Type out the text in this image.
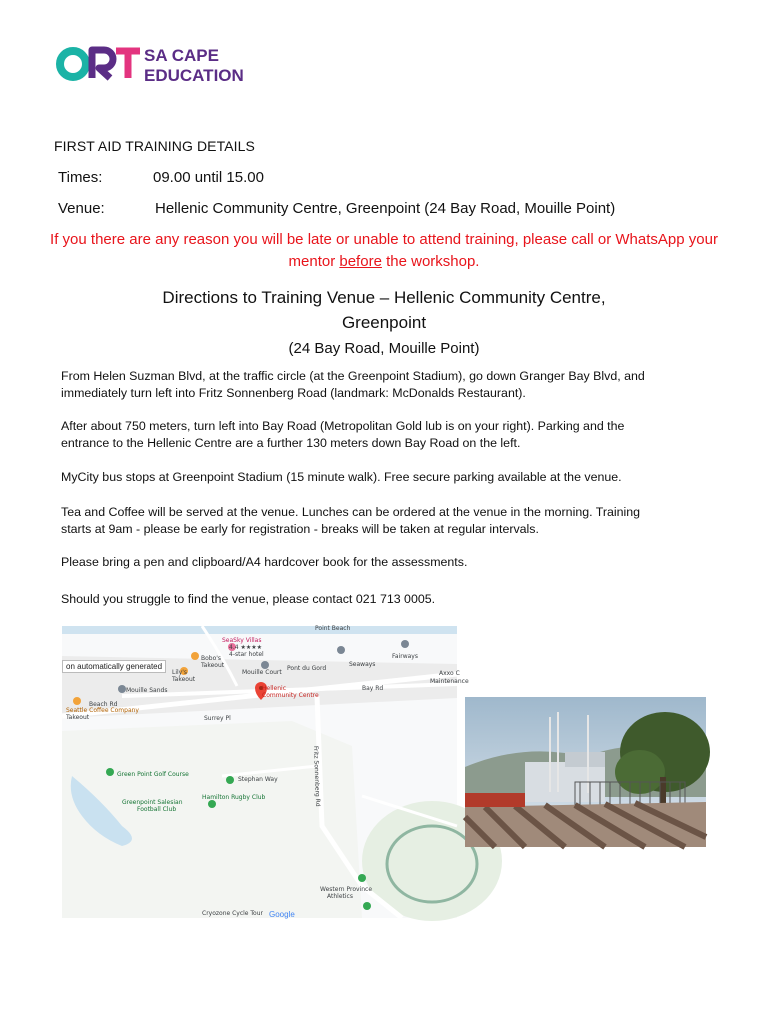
SA CAPE
EDUCATION
FIRST AID TRAINING DETAILS
Times:	09.00 until 15.00
Venue:	Hellenic Community Centre, Greenpoint (24 Bay Road, Mouille Point)
If you there are any reason you will be late or unable to attend training, please call or WhatsApp your mentor before the workshop.
Directions to Training Venue – Hellenic Community Centre,
Greenpoint
(24 Bay Road, Mouille Point)
From Helen Suzman Blvd, at the traffic circle (at the Greenpoint Stadium), go down Granger Bay Blvd, and
immediately turn left into Fritz Sonnenberg Road (landmark: McDonalds Restaurant).
After about 750 meters, turn left into Bay Road (Metropolitan Gold lub is on your right). Parking and the
entrance to the Hellenic Centre are a further 130 meters down Bay Road on the left.
MyCity bus stops at Greenpoint Stadium (15 minute walk). Free secure parking available at the venue.
Tea and Coffee will be served at the venue. Lunches can be ordered at the venue in the morning. Training
starts at 9am - please be early for registration - breaks will be taken at regular intervals.
Please bring a pen and clipboard/A4 hardcover book for the assessments.
Should you struggle to find the venue, please contact 021 713 0005.
Point Beach
SeaSky Villas
4.4 ★★★★
4-star hotel
Bobo's
Takeout
Lily's
Takeout
Mouille Court
Pont du Gord
Seaways
Fairways
Axxo C
Maintenance
Mouille Sands	Hellenic
Community Centre
Seattle Coffee Company
Takeout
Beach Rd
Bay Rd
Surrey Pl
Green Point Golf Course
Stephan Way
Hamilton Rugby Club
Greenpoint Salesian
Football Club
Fritz Sonnenberg Rd
Western Province
Athletics
Cryozone Cycle Tour Google
on automatically generated
